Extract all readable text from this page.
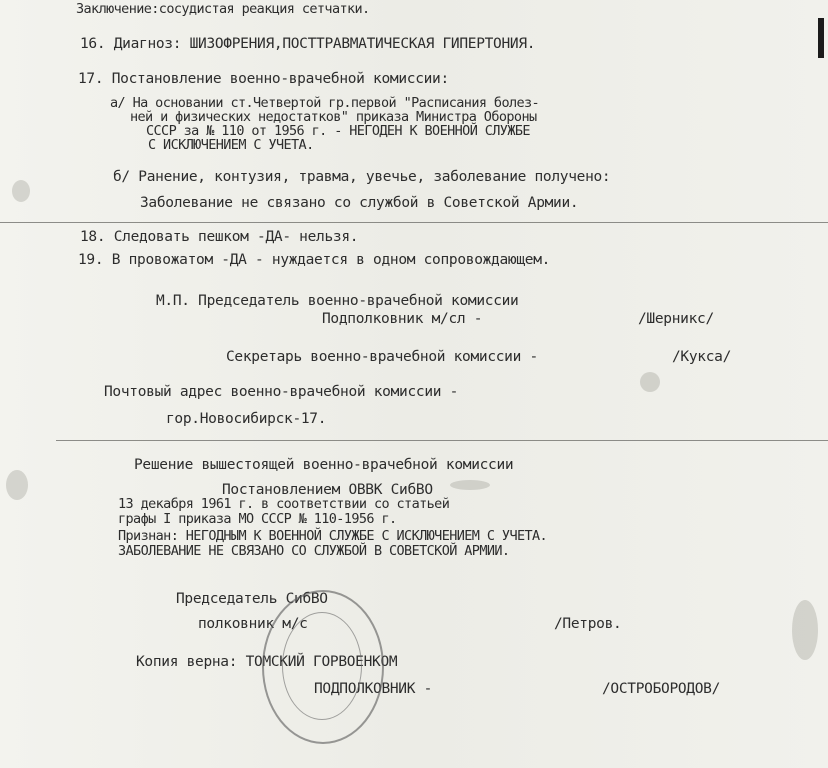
Заключение:сосудистая реакция сетчатки.
16. Диагноз: ШИЗОФРЕНИЯ,ПОСТТРАВМАТИЧЕСКАЯ ГИПЕРТОНИЯ.
17. Постановление военно-врачебной комиссии:
а/ На основании ст.Четвертой гр.первой "Расписания болез-
ней и физических недостатков" приказа Министра Обороны
СССР за № 110 от 1956 г. - НЕГОДЕН К ВОЕННОЙ СЛУЖБЕ
С ИСКЛЮЧЕНИЕМ С УЧЕТА.
б/ Ранение, контузия, травма, увечье, заболевание получено:
Заболевание не связано со службой в Советской Армии.
18. Следовать пешком -ДА- нельзя.
19. В провожатом -ДА - нуждается в одном сопровождающем.
М.П. Председатель военно-врачебной комиссии
Подполковник м/сл -	/Шерникс/
Секретарь военно-врачебной комиссии -	/Кукса/
Почтовый адрес военно-врачебной комиссии -
гор.Новосибирск-17.
Решение вышестоящей военно-врачебной комиссии
Постановлением ОВВК СибВО
13 декабря 1961 г. в соответствии со статьей
графы I приказа МО СССР № 110-1956 г.
Признан: НЕГОДНЫМ К ВОЕННОЙ СЛУЖБЕ С ИСКЛЮЧЕНИЕМ С УЧЕТА.
ЗАБОЛЕВАНИЕ НЕ СВЯЗАНО СО СЛУЖБОЙ В СОВЕТСКОЙ АРМИИ.
Председатель СибВО
полковник м/с	/Петров.
Копия верна: ТОМСКИЙ ГОРВОЕНКОМ
ПОДПОЛКОВНИК -	/ОСТРОБОРОДОВ/
